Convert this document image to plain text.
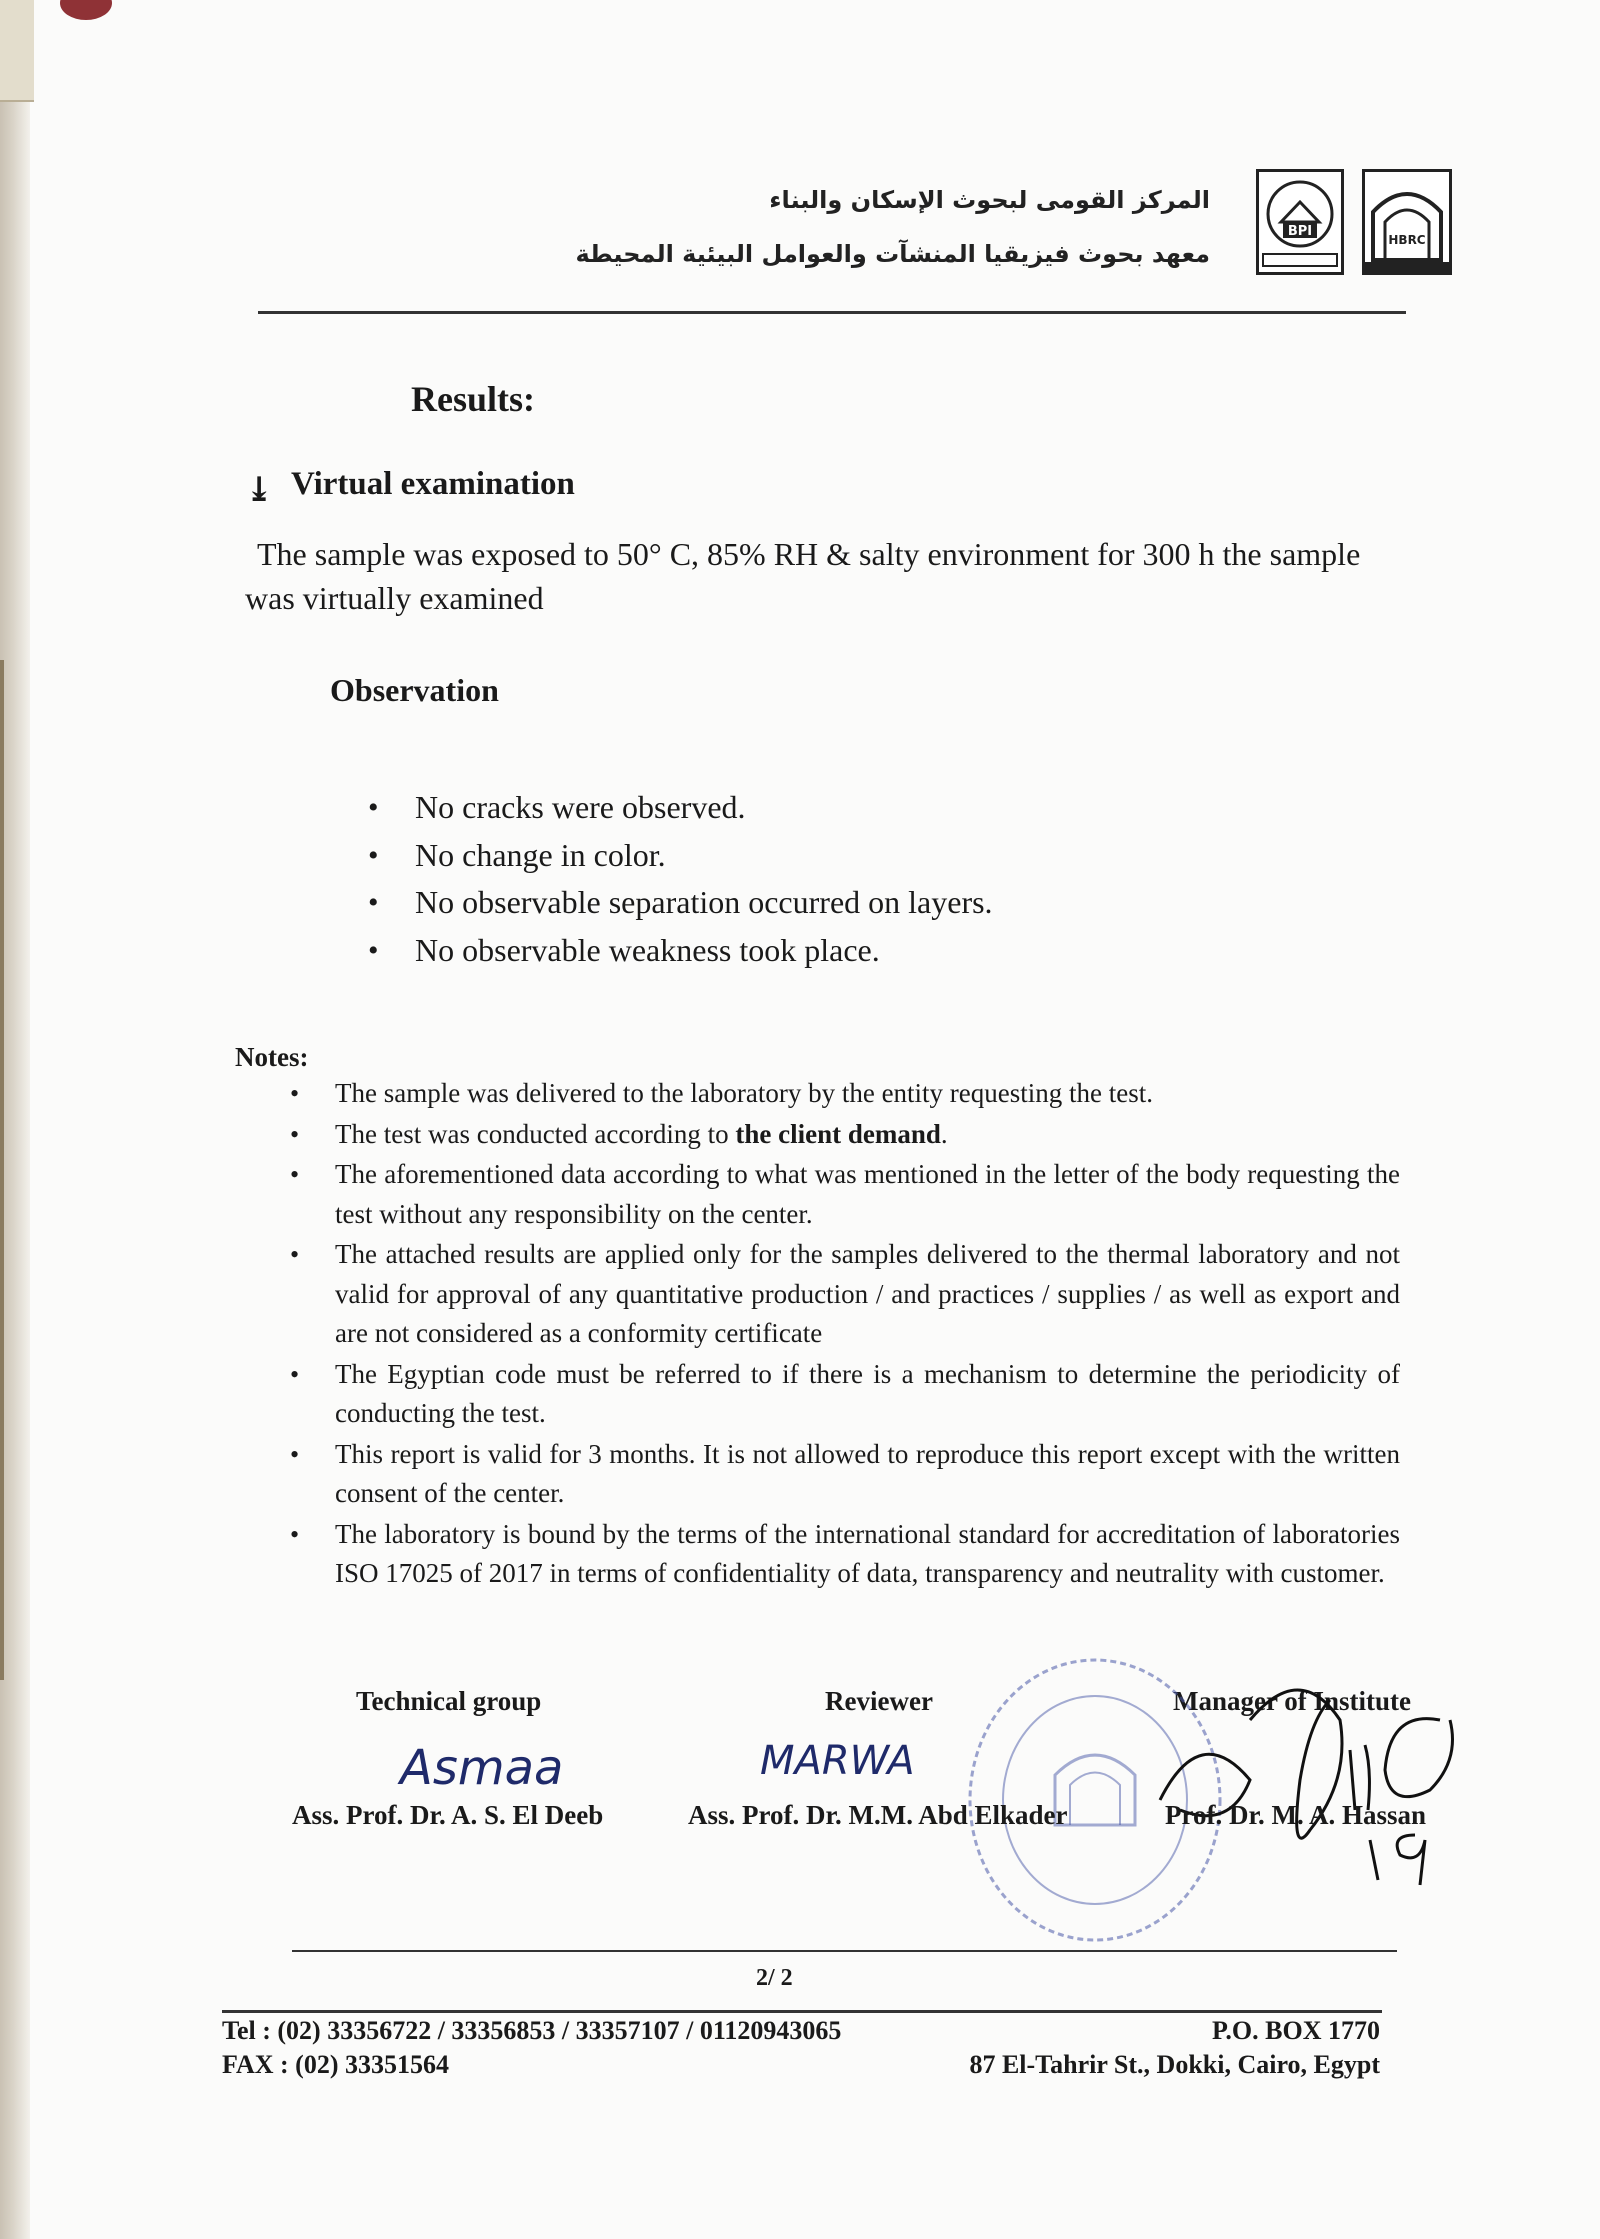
المركز القومى لبحوث الإسكان والبناء
معهد بحوث فيزيقيا المنشآت والعوامل البيئية المحيطة
BPI
HBRC
Results:
⤓ Virtual examination
The sample was exposed to 50° C, 85% RH & salty environment for 300 h the sample was virtually examined
Observation
• No cracks were observed.
• No change in color.
• No observable separation occurred on layers.
• No observable weakness took place.
Notes:
• The sample was delivered to the laboratory by the entity requesting the test.
• The test was conducted according to the client demand.
• The aforementioned data according to what was mentioned in the letter of the body requesting the test without any responsibility on the center.
• The attached results are applied only for the samples delivered to the thermal laboratory and not valid for approval of any quantitative production / and practices / supplies / as well as export and are not considered as a conformity certificate
• The Egyptian code must be referred to if there is a mechanism to determine the periodicity of conducting the test.
• This report is valid for 3 months. It is not allowed to reproduce this report except with the written consent of the center.
• The laboratory is bound by the terms of the international standard for accreditation of laboratories ISO 17025 of 2017 in terms of confidentiality of data, transparency and neutrality with customer.
Technical group	Reviewer	Manager of Institute
Asmaa	MARWA
Ass. Prof. Dr. A. S. El Deeb	Ass. Prof. Dr. M.M. Abd Elkader	Prof. Dr. M. A. Hassan
2/ 2
Tel : (02) 33356722 / 33356853 / 33357107 / 01120943065
FAX : (02) 33351564
P.O. BOX 1770
87 El-Tahrir St., Dokki, Cairo, Egypt
